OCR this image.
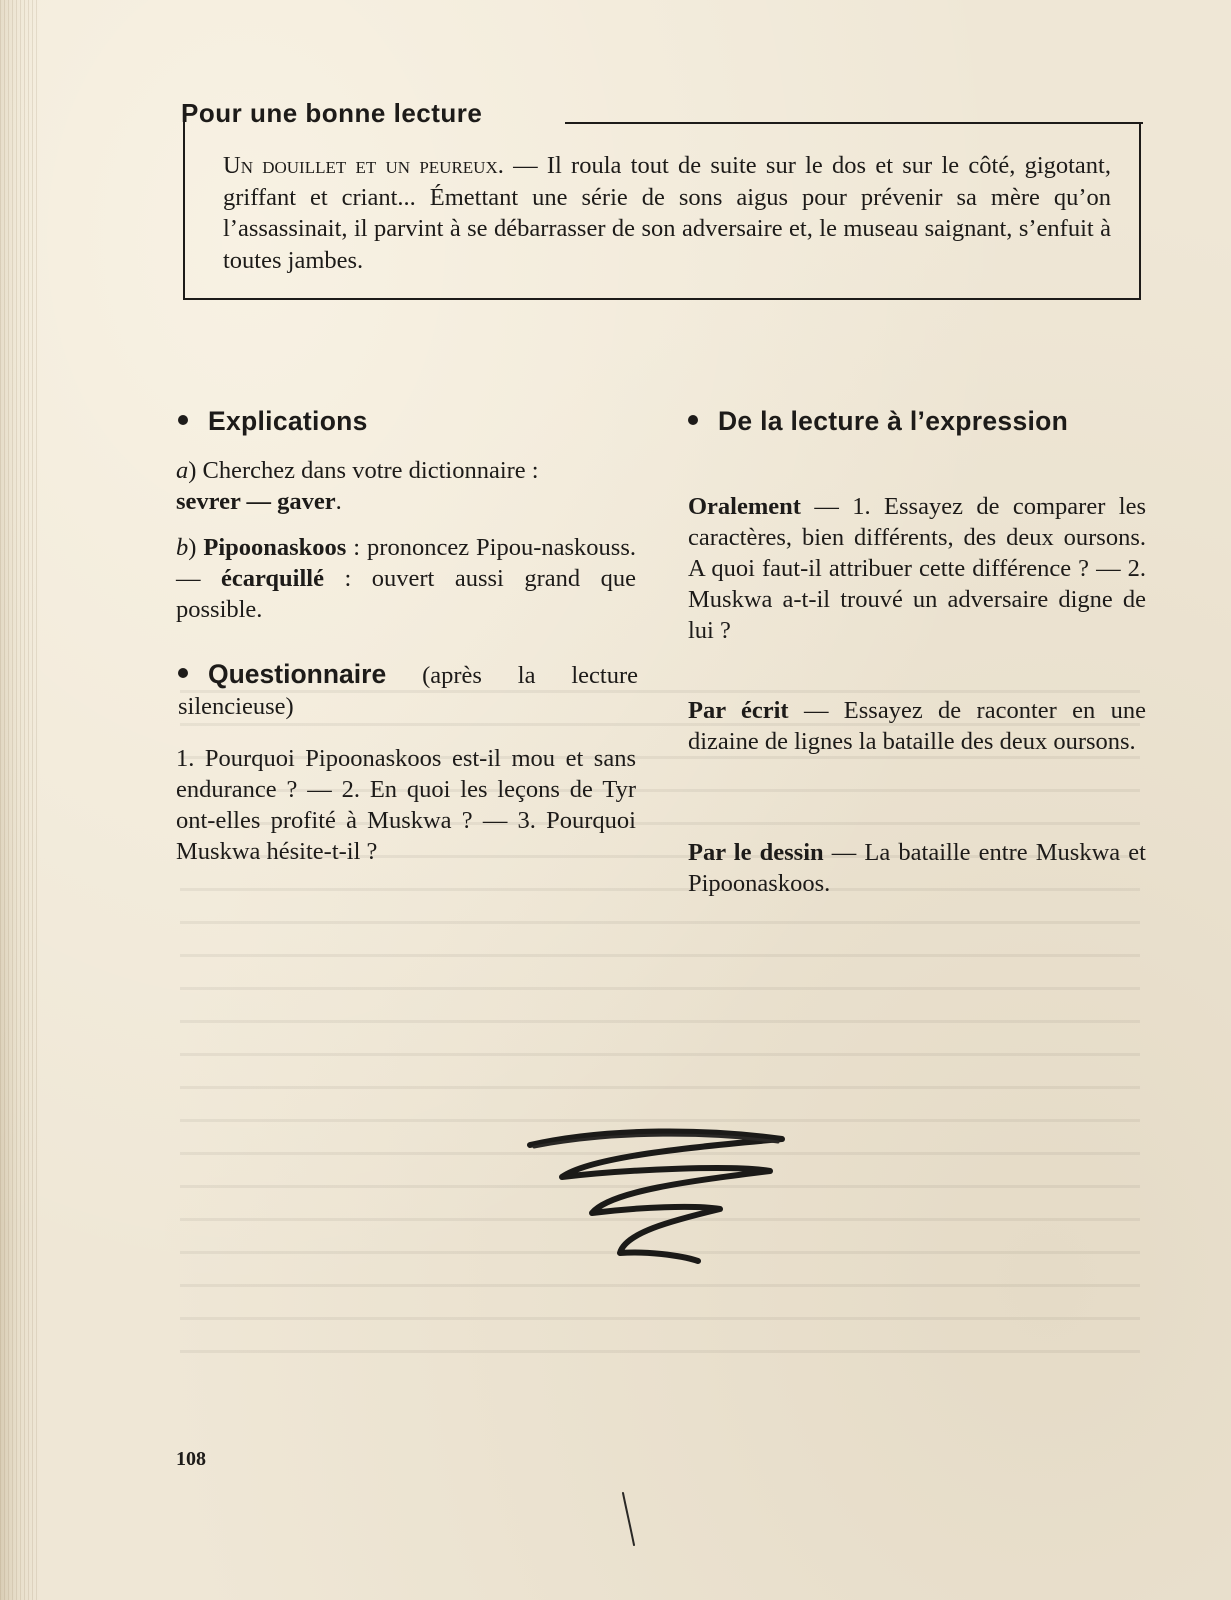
Pour une bonne lecture
Un douillet et un peureux. — Il roula tout de suite sur le dos et sur le côté, gigotant, griffant et criant... Émettant une série de sons aigus pour prévenir sa mère qu’on l’assassinait, il parvint à se débarrasser de son adversaire et, le museau saignant, s’enfuit à toutes jambes.
Explications
a) Cherchez dans votre dictionnaire :
sevrer — gaver.
b) Pipoonaskoos : prononcez Pipou-naskouss. — écarquillé : ouvert aussi grand que possible.
Questionnaire (après la lecture silencieuse)
1. Pourquoi Pipoonaskoos est-il mou et sans endurance ? — 2. En quoi les leçons de Tyr ont-elles profité à Muskwa ? — 3. Pourquoi Muskwa hésite-t-il ?
De la lecture à l’expression
Oralement — 1. Essayez de comparer les caractères, bien différents, des deux oursons. A quoi faut-il attribuer cette différence ? — 2. Muskwa a-t-il trouvé un adversaire digne de lui ?
Par écrit — Essayez de raconter en une dizaine de lignes la bataille des deux oursons.
Par le dessin — La bataille entre Muskwa et Pipoonaskoos.
108
